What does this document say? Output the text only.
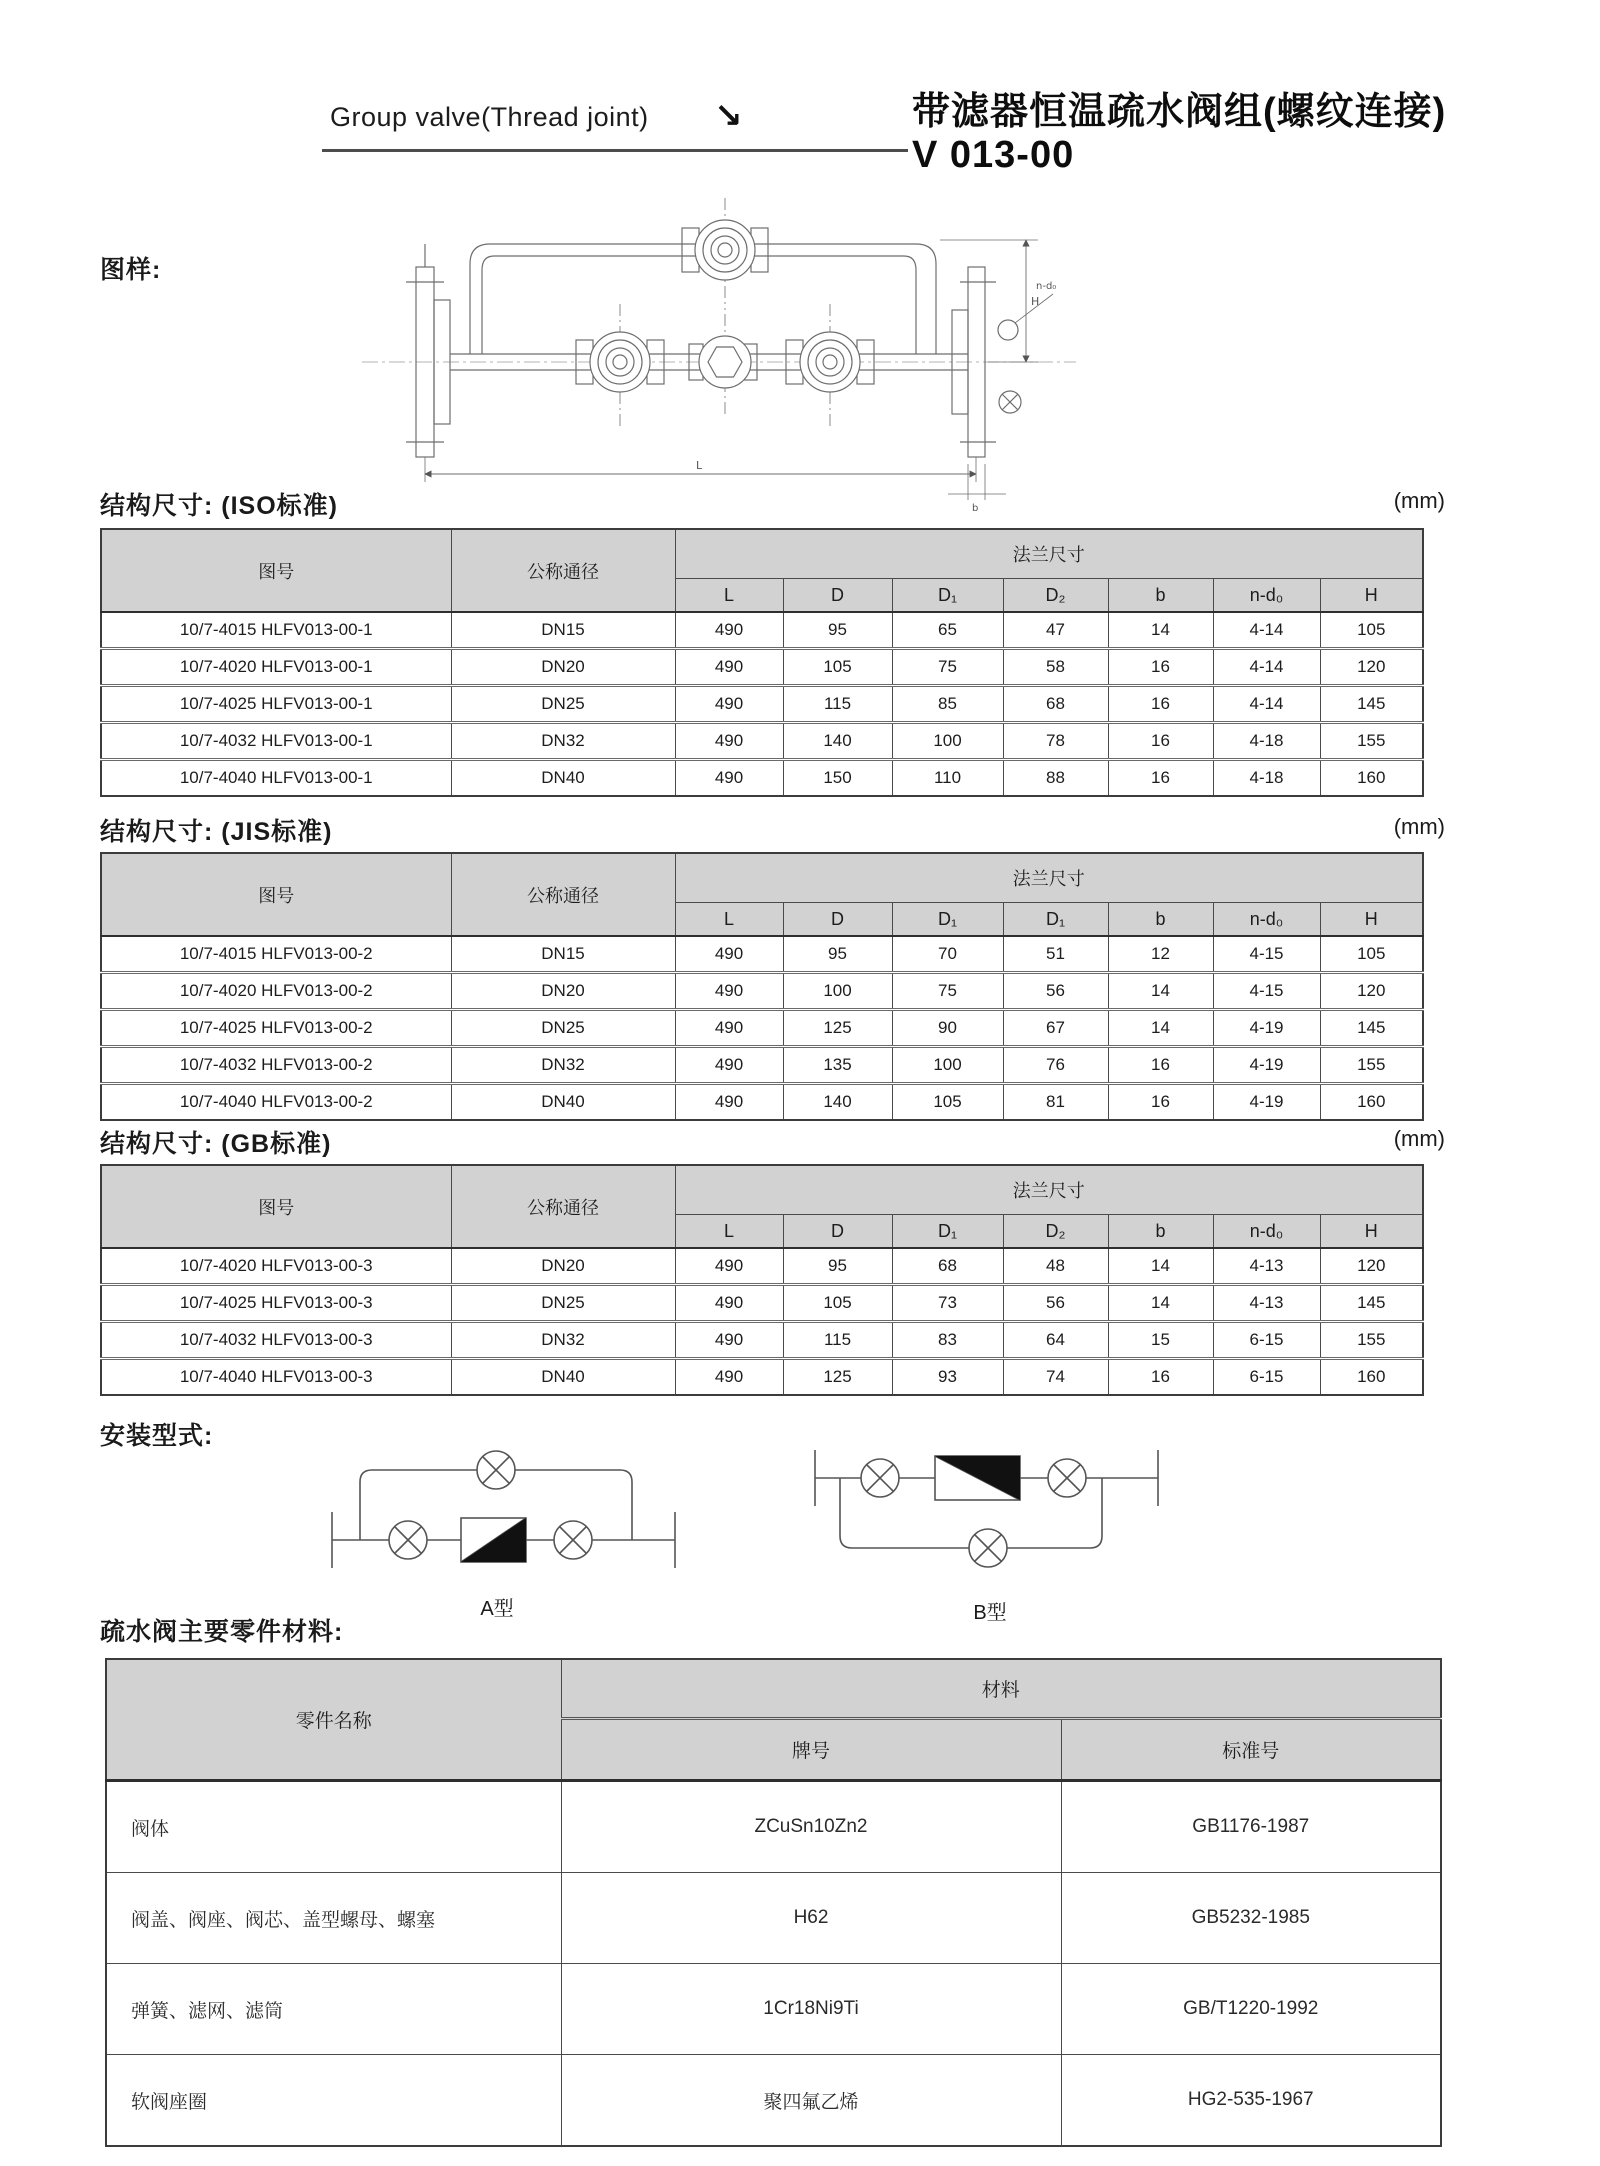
Group valve(Thread joint) ↘	带滤器恒温疏水阀组(螺纹连接)
V 013-00
图样:
L
H
n-d₀
b
结构尺寸: (ISO标准)	(mm)
图号	公称通径	法兰尺寸						
		L	D	D₁	D₂	b	n-d₀	H
10/7-4015 HLFV013-00-1	DN15	490	95	65	47	14	4-14	105
10/7-4020 HLFV013-00-1	DN20	490	105	75	58	16	4-14	120
10/7-4025 HLFV013-00-1	DN25	490	115	85	68	16	4-14	145
10/7-4032 HLFV013-00-1	DN32	490	140	100	78	16	4-18	155
10/7-4040 HLFV013-00-1	DN40	490	150	110	88	16	4-18	160
结构尺寸: (JIS标准)	(mm)
图号	公称通径	法兰尺寸						
		L	D	D₁	D₁	b	n-d₀	H
10/7-4015 HLFV013-00-2	DN15	490	95	70	51	12	4-15	105
10/7-4020 HLFV013-00-2	DN20	490	100	75	56	14	4-15	120
10/7-4025 HLFV013-00-2	DN25	490	125	90	67	14	4-19	145
10/7-4032 HLFV013-00-2	DN32	490	135	100	76	16	4-19	155
10/7-4040 HLFV013-00-2	DN40	490	140	105	81	16	4-19	160
结构尺寸: (GB标准)	(mm)
图号	公称通径	法兰尺寸						
		L	D	D₁	D₂	b	n-d₀	H
10/7-4020 HLFV013-00-3	DN20	490	95	68	48	14	4-13	120
10/7-4025 HLFV013-00-3	DN25	490	105	73	56	14	4-13	145
10/7-4032 HLFV013-00-3	DN32	490	115	83	64	15	6-15	155
10/7-4040 HLFV013-00-3	DN40	490	125	93	74	16	6-15	160
安装型式:
A型	B型
疏水阀主要零件材料:
零件名称	材料	
	牌号	标准号
阀体	ZCuSn10Zn2	GB1176-1987
阀盖、阀座、阀芯、盖型螺母、螺塞	H62	GB5232-1985
弹簧、滤网、滤筒	1Cr18Ni9Ti	GB/T1220-1992
软阀座圈	聚四氟乙烯	HG2-535-1967
